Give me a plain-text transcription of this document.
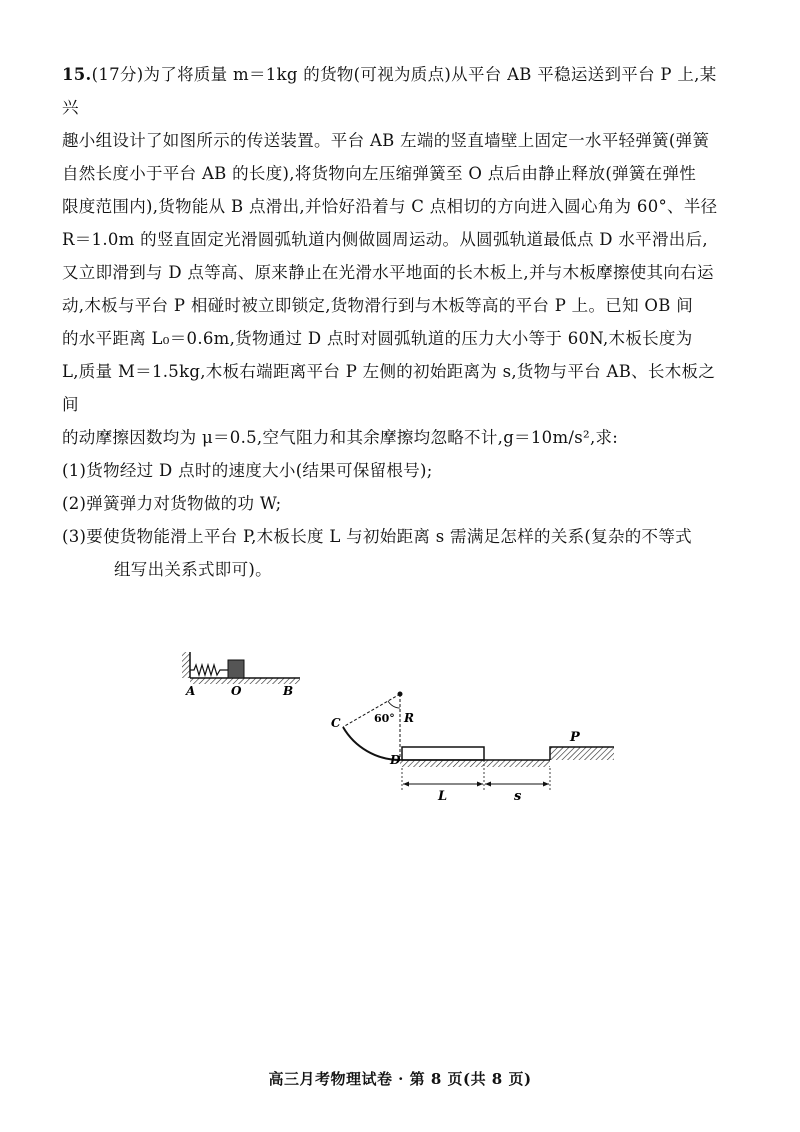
15.(17分)为了将质量 m＝1kg 的货物(可视为质点)从平台 AB 平稳运送到平台 P 上,某兴

趣小组设计了如图所示的传送装置。平台 AB 左端的竖直墙壁上固定一水平轻弹簧(弹簧

自然长度小于平台 AB 的长度),将货物向左压缩弹簧至 O 点后由静止释放(弹簧在弹性

限度范围内),货物能从 B 点滑出,并恰好沿着与 C 点相切的方向进入圆心角为 60°、半径

R＝1.0m 的竖直固定光滑圆弧轨道内侧做圆周运动。从圆弧轨道最低点 D 水平滑出后,

又立即滑到与 D 点等高、原来静止在光滑水平地面的长木板上,并与木板摩擦使其向右运

动,木板与平台 P 相碰时被立即锁定,货物滑行到与木板等高的平台 P 上。已知 OB 间

的水平距离 L₀＝0.6m,货物通过 D 点时对圆弧轨道的压力大小等于 60N,木板长度为

L,质量 M＝1.5kg,木板右端距离平台 P 左侧的初始距离为 s,货物与平台 AB、长木板之间

的动摩擦因数均为 μ＝0.5,空气阻力和其余摩擦均忽略不计,g＝10m/s²,求:

(1)货物经过 D 点时的速度大小(结果可保留根号);

(2)弹簧弹力对货物做的功 W;

(3)要使货物能滑上平台 P,木板长度 L 与初始距离 s 需满足怎样的关系(复杂的不等式

组写出关系式即可)。

A	O	B
C	60° R
D
P
L	s
高三月考物理试卷 · 第 8 页(共 8 页)
